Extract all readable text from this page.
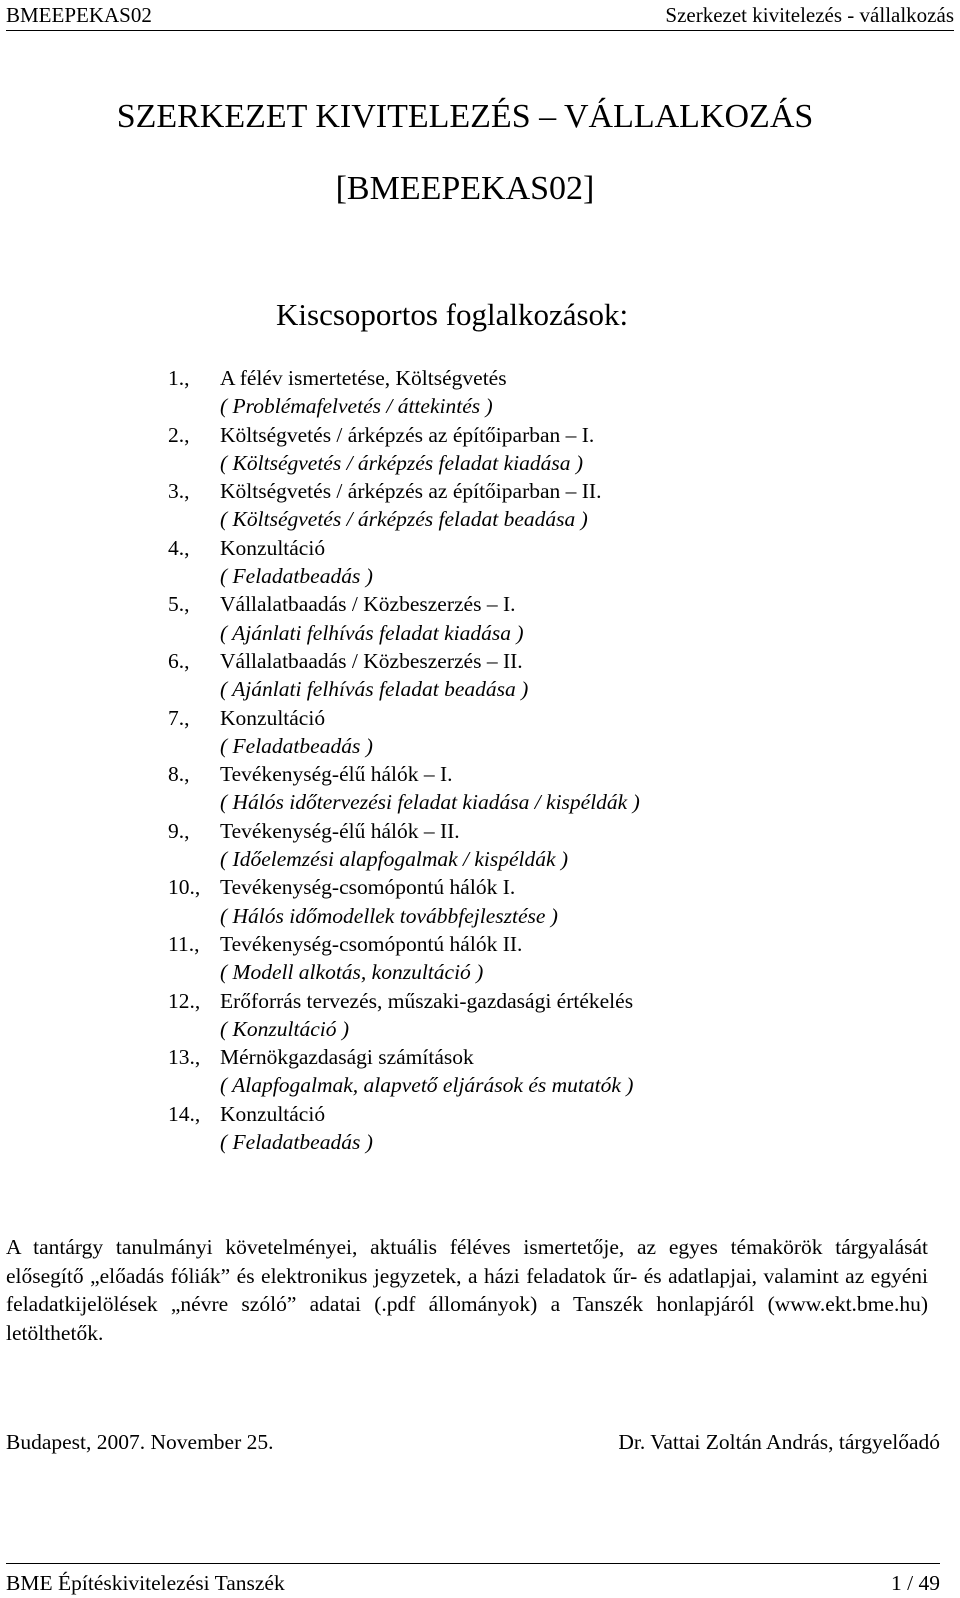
BMEEPEKAS02	Szerkezet kivitelezés - vállalkozás
SZERKEZET KIVITELEZÉS – VÁLLALKOZÁS
[BMEEPEKAS02]
Kiscsoportos foglalkozások:
1.,	A félév ismertetése, Költségvetés
( Problémafelvetés / áttekintés )
2.,	Költségvetés / árképzés az építőiparban – I.
( Költségvetés / árképzés feladat kiadása )
3.,	Költségvetés / árképzés az építőiparban – II.
( Költségvetés / árképzés feladat beadása )
4.,	Konzultáció
( Feladatbeadás )
5.,	Vállalatbaadás / Közbeszerzés – I.
( Ajánlati felhívás feladat kiadása )
6.,	Vállalatbaadás / Közbeszerzés – II.
( Ajánlati felhívás feladat beadása )
7.,	Konzultáció
( Feladatbeadás )
8.,	Tevékenység-élű hálók – I.
( Hálós időtervezési feladat kiadása / kispéldák )
9.,	Tevékenység-élű hálók – II.
( Időelemzési alapfogalmak / kispéldák )
10., Tevékenység-csomópontú hálók I.
( Hálós időmodellek továbbfejlesztése )
11., Tevékenység-csomópontú hálók II.
( Modell alkotás, konzultáció )
12., Erőforrás tervezés, műszaki-gazdasági értékelés
( Konzultáció )
13., Mérnökgazdasági számítások
( Alapfogalmak, alapvető eljárások és mutatók )
14., Konzultáció
( Feladatbeadás )
A tantárgy tanulmányi követelményei, aktuális féléves ismertetője, az egyes témakörök tárgyalását elősegítő „előadás fóliák” és elektronikus jegyzetek, a házi feladatok űr- és adatlapjai, valamint az egyéni feladatkijelölések „névre szóló” adatai (.pdf állományok) a Tanszék honlapjáról (www.ekt.bme.hu) letölthetők.
Budapest, 2007. November 25.	Dr. Vattai Zoltán András, tárgyelőadó
BME Építéskivitelezési Tanszék	1 / 49
